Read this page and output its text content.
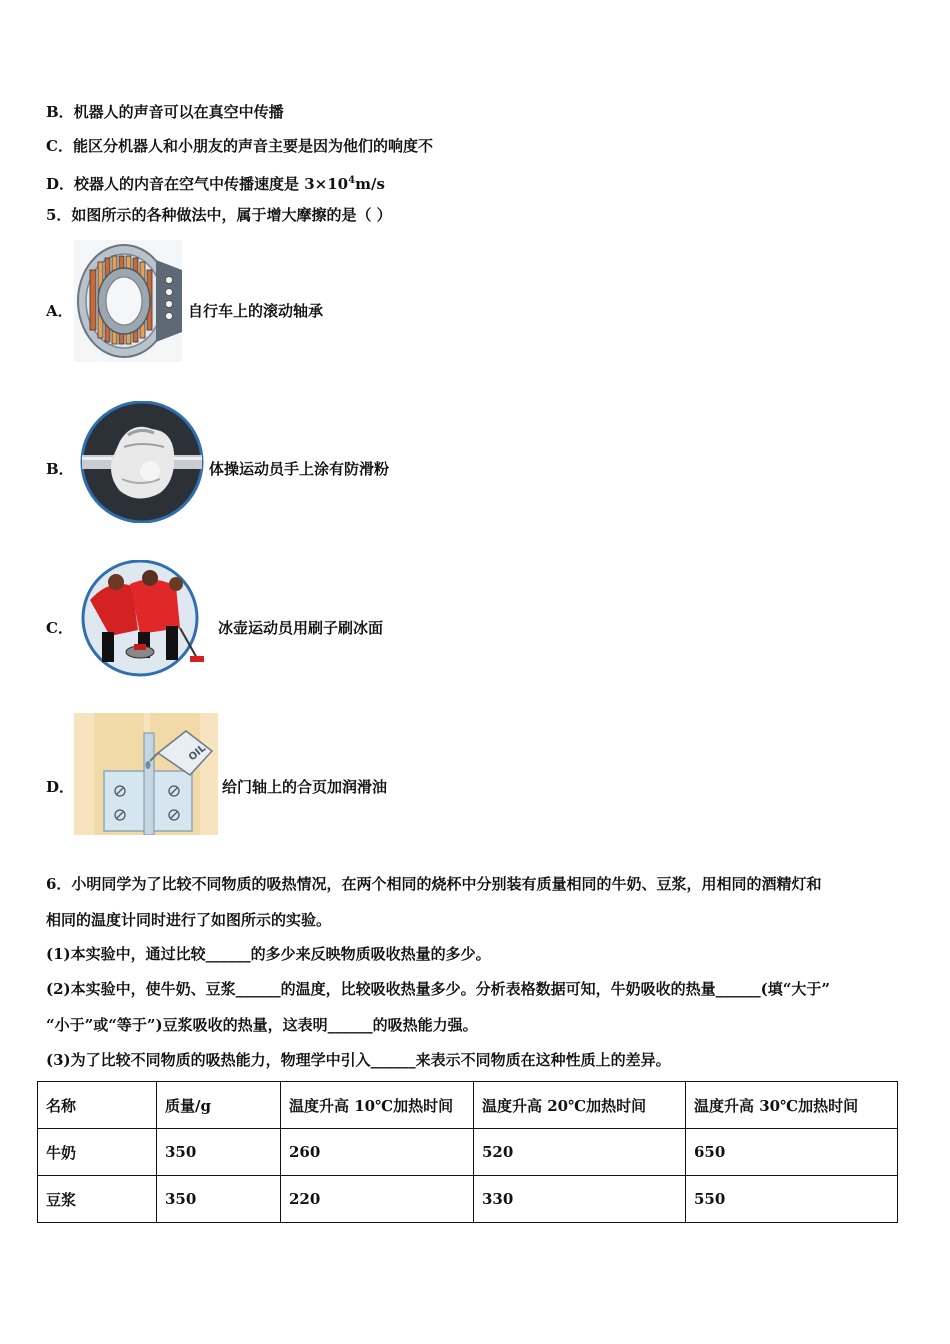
B．机器人的声音可以在真空中传播
C．能区分机器人和小朋友的声音主要是因为他们的响度不
D．校器人的内音在空气中传播速度是 $3\times 10^4m/s$
5．如图所示的各种做法中，属于增大摩擦的是（ ）
A．	自行车上的滚动轴承
B．	体操运动员手上涂有防滑粉
C．	冰壶运动员用刷子刷冰面
D．
OIL
给门轴上的合页加润滑油
6．小明同学为了比较不同物质的吸热情况，在两个相同的烧杯中分别装有质量相同的牛奶、豆浆，用相同的酒精灯和
相同的温度计同时进行了如图所示的实验。
(1)本实验中，通过比较______的多少来反映物质吸收热量的多少。
(2)本实验中，使牛奶、豆浆______的温度，比较吸收热量多少。分析表格数据可知，牛奶吸收的热量______(填“大于”
“小于”或“等于”)豆浆吸收的热量，这表明______的吸热能力强。
(3)为了比较不同物质的吸热能力，物理学中引入______来表示不同物质在这种性质上的差异。
名称	质量/g	温度升高 10℃加热时间	温度升高 20℃加热时间	温度升高 30℃加热时间
牛奶	350	260	520	650
豆浆	350	220	330	550
